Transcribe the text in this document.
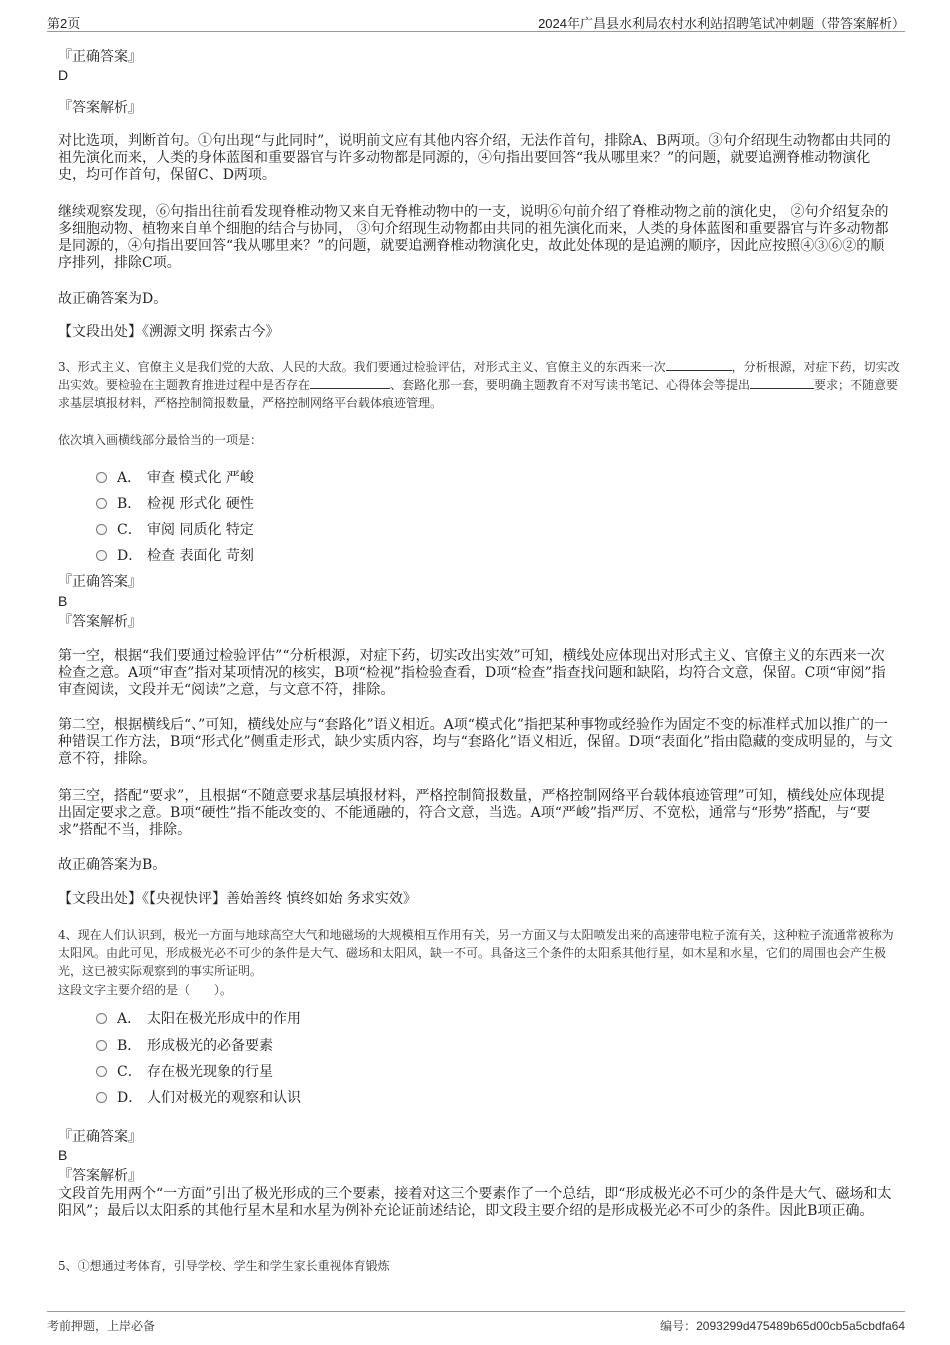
第2页	2024年广昌县水利局农村水利站招聘笔试冲刺题（带答案解析）
『正确答案』
D
『答案解析』
对比选项，判断首句。①句出现“与此同时”，说明前文应有其他内容介绍，无法作首句，排除A、B两项。③句介绍现生动物都由共同的祖先演化而来，人类的身体蓝图和重要器官与许多动物都是同源的，④句指出要回答“我从哪里来？”的问题，就要追溯脊椎动物演化史，均可作首句，保留C、D两项。
继续观察发现，⑥句指出往前看发现脊椎动物又来自无脊椎动物中的一支，说明⑥句前介绍了脊椎动物之前的演化史， ②句介绍复杂的多细胞动物、植物来自单个细胞的结合与协同， ③句介绍现生动物都由共同的祖先演化而来，人类的身体蓝图和重要器官与许多动物都是同源的，④句指出要回答“我从哪里来？”的问题，就要追溯脊椎动物演化史，故此处体现的是追溯的顺序，因此应按照④③⑥②的顺序排列，排除C项。
故正确答案为D。
【文段出处】《溯源文明 探索古今》
3、形式主义、官僚主义是我们党的大敌、人民的大敌。我们要通过检验评估，对形式主义、官僚主义的东西来一次	，分析根源，对症下药，切实改出实效。要检验在主题教育推进过程中是否存在	、套路化那一套，要明确主题教育不对写读书笔记、心得体会等提出	要求；不随意要求基层填报材料，严格控制简报数量，严格控制网络平台载体痕迹管理。
依次填入画横线部分最恰当的一项是：
A． 审查 模式化 严峻
B． 检视 形式化 硬性
C． 审阅 同质化 特定
D． 检查 表面化 苛刻
『正确答案』
B
『答案解析』
第一空，根据“我们要通过检验评估”“分析根源，对症下药，切实改出实效”可知，横线处应体现出对形式主义、官僚主义的东西来一次检查之意。A项“审查”指对某项情况的核实，B项“检视”指检验查看，D项“检查”指查找问题和缺陷，均符合文意，保留。C项“审阅”指审查阅读，文段并无“阅读”之意，与文意不符，排除。
第二空，根据横线后“、”可知，横线处应与“套路化”语义相近。A项“模式化”指把某种事物或经验作为固定不变的标准样式加以推广的一种错误工作方法，B项“形式化”侧重走形式，缺少实质内容，均与“套路化”语义相近，保留。D项“表面化”指由隐藏的变成明显的，与文意不符，排除。
第三空，搭配“要求”，且根据“不随意要求基层填报材料，严格控制简报数量，严格控制网络平台载体痕迹管理”可知，横线处应体现提出固定要求之意。B项“硬性”指不能改变的、不能通融的，符合文意，当选。A项“严峻”指严厉、不宽松，通常与“形势”搭配，与“要求”搭配不当，排除。
故正确答案为B。
【文段出处】《【央视快评】善始善终 慎终如始 务求实效》
4、现在人们认识到，极光一方面与地球高空大气和地磁场的大规模相互作用有关，另一方面又与太阳喷发出来的高速带电粒子流有关，这种粒子流通常被称为太阳风。由此可见，形成极光必不可少的条件是大气、磁场和太阳风，缺一不可。具备这三个条件的太阳系其他行星，如木星和水星，它们的周围也会产生极光，这已被实际观察到的事实所证明。
这段文字主要介绍的是（　　）。
A． 太阳在极光形成中的作用
B． 形成极光的必备要素
C． 存在极光现象的行星
D． 人们对极光的观察和认识
『正确答案』
B
『答案解析』
文段首先用两个“一方面”引出了极光形成的三个要素，接着对这三个要素作了一个总结，即“形成极光必不可少的条件是大气、磁场和太阳风”；最后以太阳系的其他行星木星和水星为例补充论证前述结论，即文段主要介绍的是形成极光必不可少的条件。因此B项正确。
5、①想通过考体育，引导学校、学生和学生家长重视体育锻炼
考前押题，上岸必备	编号：2093299d475489b65d00cb5a5cbdfa64
